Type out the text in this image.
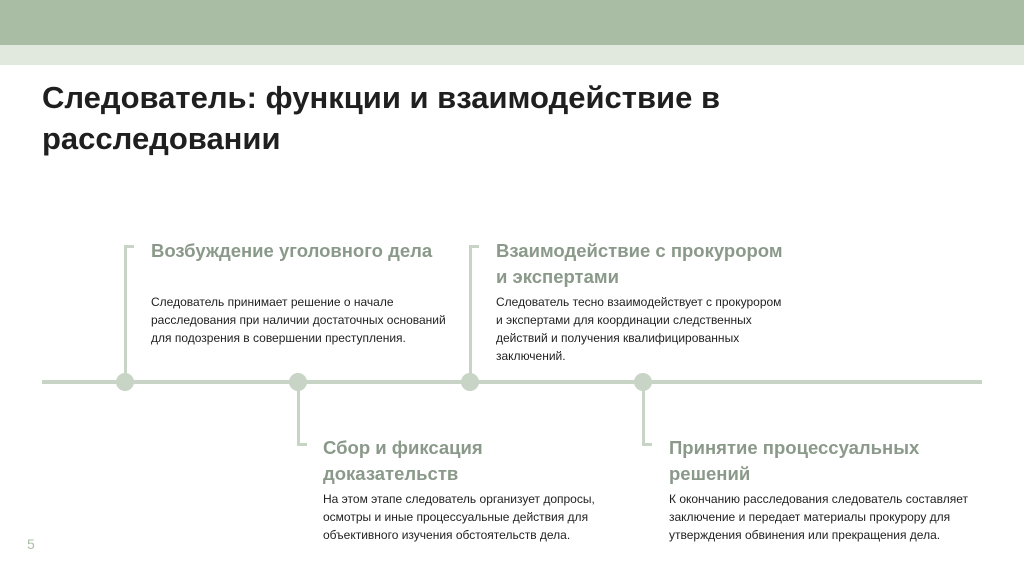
Следователь: функции и взаимодействие в расследовании
Возбуждение уголовного дела

Следователь принимает решение о начале расследования при наличии достаточных оснований для подозрения в совершении преступления.

Сбор и фиксация доказательств

На этом этапе следователь организует допросы, осмотры и иные процессуальные действия для объективного изучения обстоятельств дела.

Взаимодействие с прокурором и экспертами

Следователь тесно взаимодействует с прокурором и экспертами для координации следственных действий и получения квалифицированных заключений.

Принятие процессуальных решений

К окончанию расследования следователь составляет заключение и передает материалы прокурору для утверждения обвинения или прекращения дела.

5
